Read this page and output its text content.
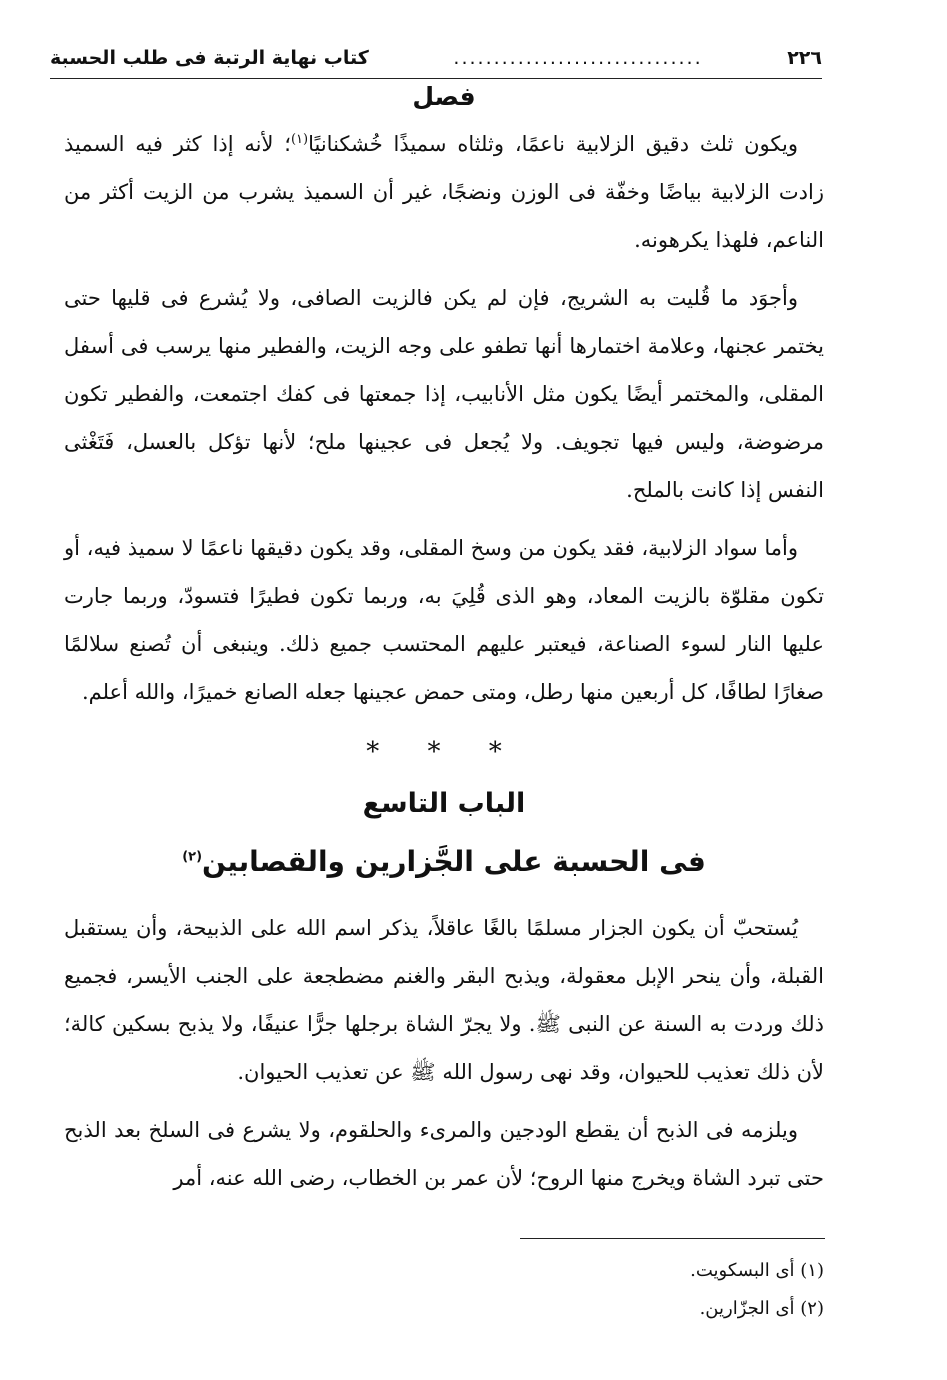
٢٢٦
...............................
كتاب نهاية الرتبة فى طلب الحسبة
فصل

ويكون ثلث دقيق الزلابية ناعمًا، وثلثاه سميذًا خُشكنانيًا$^{(١)}$؛ لأنه إذا كثر فيه السميذ زادت الزلابية بياضًا وخفّة فى الوزن ونضجًا، غير أن السميذ يشرب من الزيت أكثر من الناعم، فلهذا يكرهونه.

وأجوَد ما قُليت به الشريج، فإن لم يكن فالزيت الصافى، ولا يُشرع فى قليها حتى يختمر عجنها، وعلامة اختمارها أنها تطفو على وجه الزيت، والفطير منها يرسب فى أسفل المقلى، والمختمر أيضًا يكون مثل الأنابيب، إذا جمعتها فى كفك اجتمعت، والفطير تكون مرضوضة، وليس فيها تجويف. ولا يُجعل فى عجينها ملح؛ لأنها تؤكل بالعسل، فَتَغْثى النفس إذا كانت بالملح.

وأما سواد الزلابية، فقد يكون من وسخ المقلى، وقد يكون دقيقها ناعمًا لا سميذ فيه، أو تكون مقلوّة بالزيت المعاد، وهو الذى قُلِيَ به، وربما تكون فطيرًا فتسودّ، وربما جارت عليها النار لسوء الصناعة، فيعتبر عليهم المحتسب جميع ذلك. وينبغى أن تُصنع سلالمًا صغارًا لطافًا، كل أربعين منها رطل، ومتى حمض عجينها جعله الصانع خميرًا، والله أعلم.

* * *
الباب التاسع
فى الحسبة على الجَّزارين والقصابين$^{(٢)}$

يُستحبّ أن يكون الجزار مسلمًا بالغًا عاقلاً، يذكر اسم الله على الذبيحة، وأن يستقبل القبلة، وأن ينحر الإبل معقولة، ويذبح البقر والغنم مضطجعة على الجنب الأيسر، فجميع ذلك وردت به السنة عن النبى ﷺ. ولا يجرّ الشاة برجلها جرًّا عنيفًا، ولا يذبح بسكين كالة؛ لأن ذلك تعذيب للحيوان، وقد نهى رسول الله ﷺ عن تعذيب الحيوان.

ويلزمه فى الذبح أن يقطع الودجين والمرىء والحلقوم، ولا يشرع فى السلخ بعد الذبح حتى تبرد الشاة ويخرج منها الروح؛ لأن عمر بن الخطاب، رضى الله عنه، أمر

(١) أى البسكويت.

(٢) أى الجزّارين.
